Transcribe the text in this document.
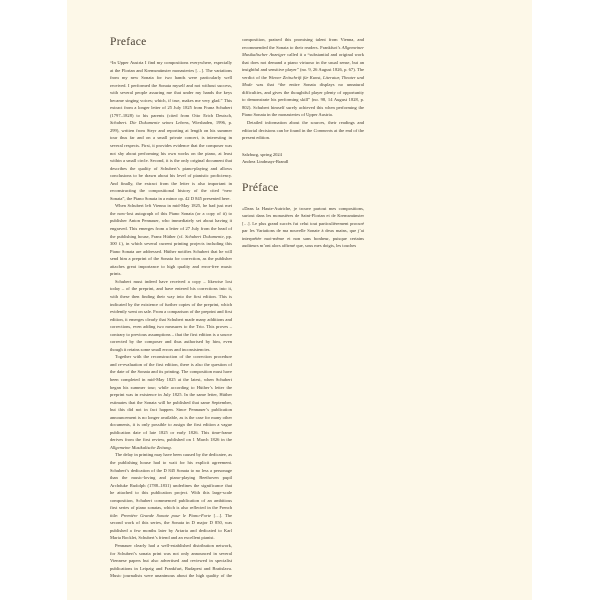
Preface

“In Upper Austria I find my compositions everywhere, especially at the Florian and Kremsmünster monasteries […]. The variations from my new Sonata for two hands were particularly well received. I performed the Sonata myself and not without success, with several people assuring me that under my hands the keys became singing voices; which, if true, makes me very glad.” This extract from a longer letter of 25 July 1825 from Franz Schubert (1797–1828) to his parents (cited from Otto Erich Deutsch, Schubert. Die Dokumente seines Lebens, Wiesbaden, 1996, p. 299), written from Steyr and reporting at length on his summer tour thus far and on a small private concert, is interesting in several respects. First, it provides evidence that the composer was not shy about performing his own works on the piano, at least within a small circle. Second, it is the only original document that describes the quality of Schubert’s piano-playing and allows conclusions to be drawn about his level of pianistic proficiency. And finally, the extract from the letter is also important in reconstructing the compositional history of the cited “new Sonata”, the Piano Sonata in a minor op. 42 D 845 presented here.

When Schubert left Vienna in mid-May 1825, he had just met the now-lost autograph of this Piano Sonata (or a copy of it) to publisher Anton Pennauer, who immediately set about having it engraved. This emerges from a letter of 27 July from the head of the publishing house, Franz Hüther (cf. Schubert Dokumente, pp. 300 f.), in which several current printing projects including this Piano Sonata are addressed. Hüther notifies Schubert that he will send him a preprint of the Sonata for correction, as the publisher attaches great importance to high quality and error-free music prints.

Schubert must indeed have received a copy – likewise lost today – of the preprint, and have entered his corrections into it, with these then finding their way into the first edition. This is indicated by the existence of further copies of the preprint, which evidently went on sale. From a comparison of the preprint and first edition, it emerges clearly that Schubert made many additions and corrections, even adding two measures to the Trio. This proves – contrary to previous assumptions – that the first edition is a source corrected by the composer and thus authorised by him, even though it retains some small errors and inconsistencies.

Together with the reconstruction of the correction procedure and re-evaluation of the first edition, there is also the question of the date of the Sonata and its printing. The composition must have been completed in mid-May 1825 at the latest, when Schubert began his summer tour; while according to Hüther’s letter the preprint was in existence in July 1825. In the same letter, Hüther estimates that the Sonata will be published that same September, but this did not in fact happen. Since Pennauer’s publication announcement is no longer available, as is the case for many other documents, it is only possible to assign the first edition a vague publication date of late 1825 or early 1826. This time-frame derives from the first review, published on 1 March 1826 in the Allgemeine Musikalische Zeitung.

The delay in printing may have been caused by the dedicatee, as the publishing house had to wait for his explicit agreement. Schubert’s dedication of the D 845 Sonata to no less a personage than the music-loving and piano-playing Beethoven pupil Archduke Rudolph (1788–1831) underlines the significance that he attached to this publication project. With this large-scale composition, Schubert commenced publication of an ambitious first series of piano sonatas, which is also reflected in the French title: Première Grande Sonate pour le Piano-Forte […]. The second work of this series, the Sonata in D major D 850, was published a few months later by Artaria and dedicated to Karl Maria Bocklet, Schubert’s friend and an excellent pianist.

Pennauer clearly had a well-established distribution network, for Schubert’s sonata print was not only announced in several Viennese papers but also advertised and reviewed in specialist publications in Leipzig and Frankfurt, Budapest and Bratislava. Music journalists were unanimous about the high quality of the composition, praised this promising talent from Vienna, and recommended the Sonata to their readers. Frankfurt’s Allgemeiner Musikalischer Anzeiger called it a “substantial and original work that does not demand a piano virtuoso in the usual sense, but an insightful and sensitive player” (no. 9, 26 August 1826, p. 67). The verdict of the Wiener Zeitschrift für Kunst, Literatur, Theater und Mode was that “the entire Sonata displays no unnatural difficulties, and gives the thoughtful player plenty of opportunity to demonstrate his performing skill” (no. 98, 14 August 1828, p. 802). Schubert himself surely achieved this when performing the Piano Sonata in the monasteries of Upper Austria.

Detailed information about the sources, their readings and editorial decisions can be found in the Comments at the end of the present edition.

Salzburg, spring 2024

Andrea Lindmayr-Brandl

Préface

«Dans la Haute-Autriche, je trouve partout mes compositions, surtout dans les monastères de Saint-Florian et de Kremsmünster […]. Le plus grand succès fut celui tout particulièrement procuré par les Variations de ma nouvelle Sonate à deux mains, que j’ai interprétée moi-même et non sans bonheur, puisque certains auditeurs m’ont alors affirmé que, sous mes doigts, les touches
